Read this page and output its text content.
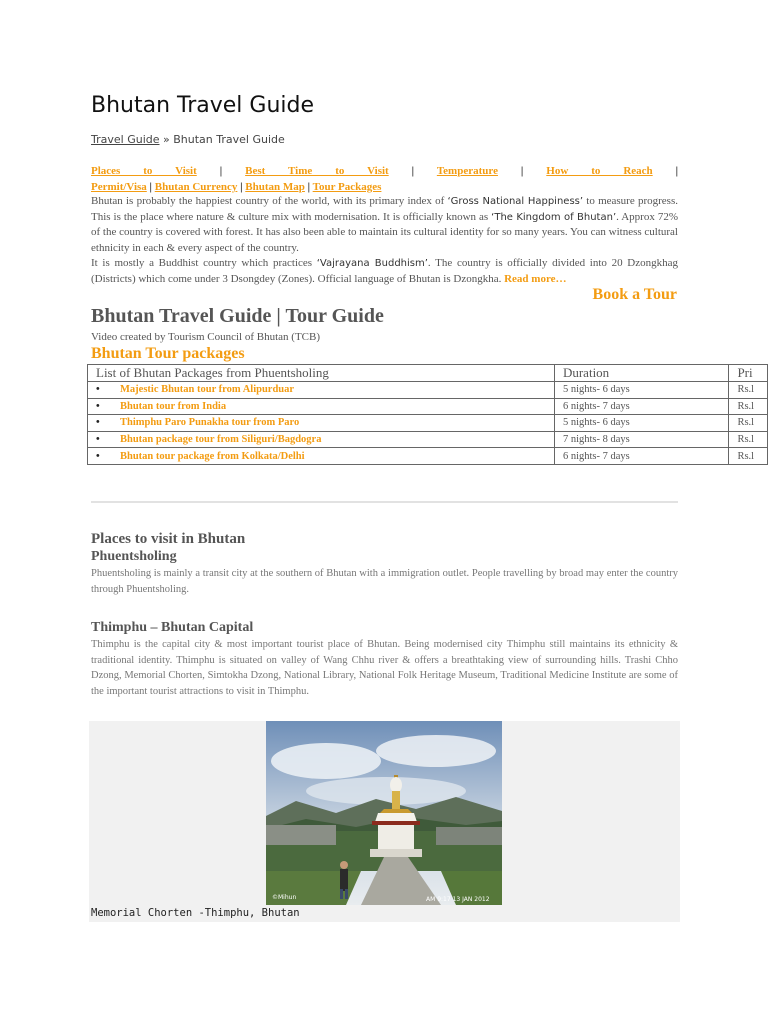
Bhutan Travel Guide
Travel Guide » Bhutan Travel Guide
Places to Visit | Best Time to Visit | Temperature | How to Reach |
Permit/Visa | Bhutan Currency | Bhutan Map | Tour Packages
Bhutan is probably the happiest country of the world, with its primary index of ‘Gross National Happiness’ to measure progress. This is the place where nature & culture mix with modernisation. It is officially known as ‘The Kingdom of Bhutan’. Approx 72% of the country is covered with forest. It has also been able to maintain its cultural identity for so many years. You can witness cultural ethnicity in each & every aspect of the country.
It is mostly a Buddhist country which practices ‘Vajrayana Buddhism’. The country is officially divided into 20 Dzongkhag (Districts) which come under 3 Dsongdey (Zones). Official language of Bhutan is Dzongkha. Read more…
Book a Tour
Bhutan Travel Guide | Tour Guide
Video created by Tourism Council of Bhutan (TCB)
Bhutan Tour packages
List of Bhutan Packages from Phuentsholing	Duration	Pri
• Majestic Bhutan tour from Alipurduar	5 nights- 6 days	Rs.l
• Bhutan tour from India	6 nights- 7 days	Rs.l
• Thimphu Paro Punakha tour from Paro	5 nights- 6 days	Rs.l
• Bhutan package tour from Siliguri/Bagdogra	7 nights- 8 days	Rs.l
• Bhutan tour package from Kolkata/Delhi	6 nights- 7 days	Rs.l
Places to visit in Bhutan
Phuentsholing
Phuentsholing is mainly a transit city at the southern of Bhutan with a immigration outlet. People travelling by broad may enter the country through Phuentsholing.
Thimphu – Bhutan Capital
Thimphu is the capital city & most important tourist place of Bhutan. Being modernised city Thimphu still maintains its ethnicity & traditional identity. Thimphu is situated on valley of Wang Chhu river & offers a breathtaking view of surrounding hills. Trashi Chho Dzong, Memorial Chorten, Simtokha Dzong, National Library, National Folk Heritage Museum, Traditional Medicine Institute are some of the important tourist attractions to visit in Thimphu.
©Mihun	AM 9:17 13 JAN 2012
Memorial Chorten -Thimphu, Bhutan
